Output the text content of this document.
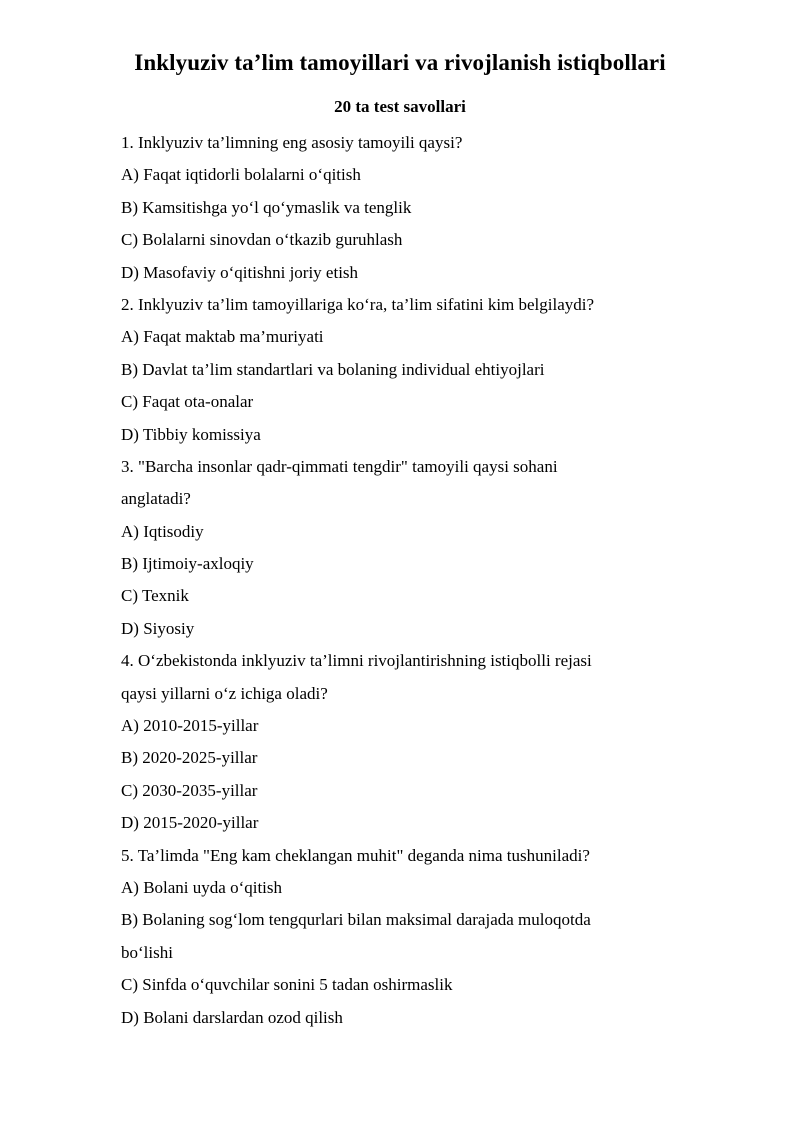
Inklyuziv ta’lim tamoyillari va rivojlanish istiqbollari
20 ta test savollari
1. Inklyuziv ta’limning eng asosiy tamoyili qaysi?
A) Faqat iqtidorli bolalarni o‘qitish
B) Kamsitishga yo‘l qo‘ymaslik va tenglik
C) Bolalarni sinovdan o‘tkazib guruhlash
D) Masofaviy o‘qitishni joriy etish
2. Inklyuziv ta’lim tamoyillariga ko‘ra, ta’lim sifatini kim belgilaydi?
A) Faqat maktab ma’muriyati
B) Davlat ta’lim standartlari va bolaning individual ehtiyojlari
C) Faqat ota-onalar
D) Tibbiy komissiya
3. "Barcha insonlar qadr-qimmati tengdir" tamoyili qaysi sohani
anglatadi?
A) Iqtisodiy
B) Ijtimoiy-axloqiy
C) Texnik
D) Siyosiy
4. O‘zbekistonda inklyuziv ta’limni rivojlantirishning istiqbolli rejasi
qaysi yillarni o‘z ichiga oladi?
A) 2010-2015-yillar
B) 2020-2025-yillar
C) 2030-2035-yillar
D) 2015-2020-yillar
5. Ta’limda "Eng kam cheklangan muhit" deganda nima tushuniladi?
A) Bolani uyda o‘qitish
B) Bolaning sog‘lom tengqurlari bilan maksimal darajada muloqotda
bo‘lishi
C) Sinfda o‘quvchilar sonini 5 tadan oshirmaslik
D) Bolani darslardan ozod qilish
